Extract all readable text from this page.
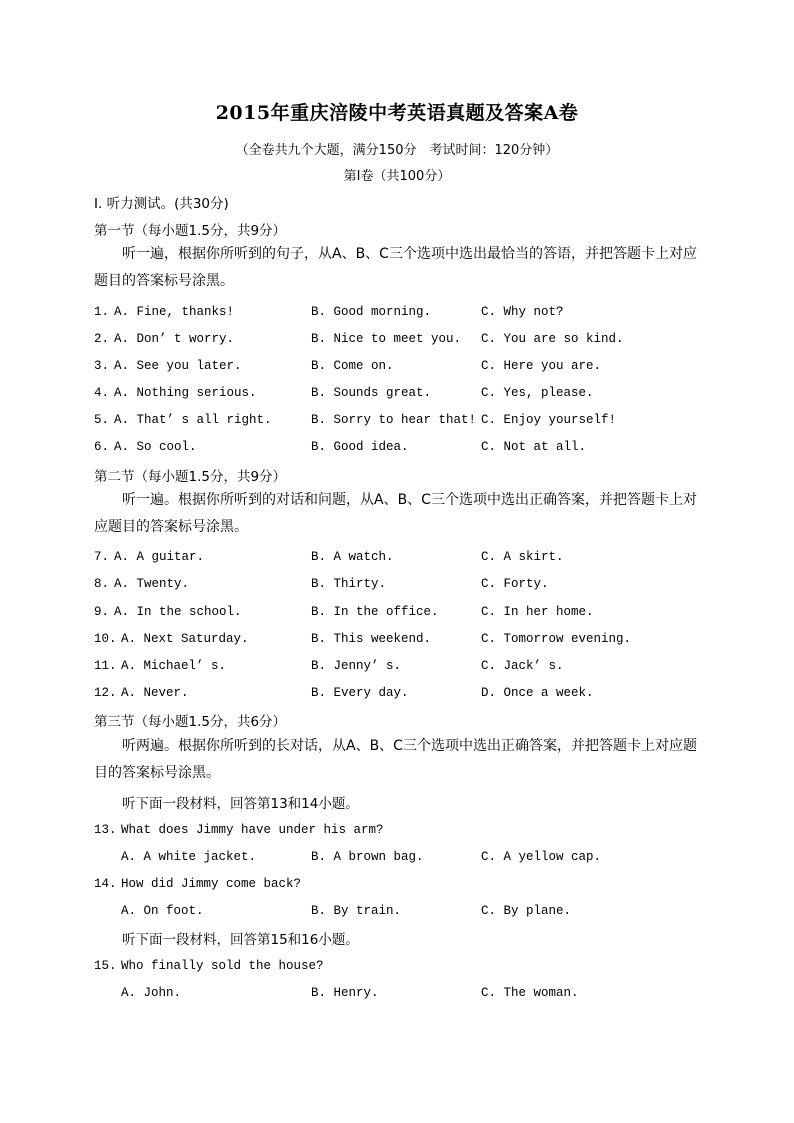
2015年重庆涪陵中考英语真题及答案A卷
（全卷共九个大题，满分150分　考试时间：120分钟）
第I卷（共100分）
I. 听力测试。(共30分)
第一节（每小题1.5分，共9分）
听一遍，根据你所听到的句子，从A、B、C三个选项中选出最恰当的答语，并把答题卡上对应题目的答案标号涂黑。
1. A. Fine, thanks!	B. Good morning.	C. Why not?
2. A. Don’ t worry.	B. Nice to meet you. C. You are so kind.
3. A. See you later.	B. Come on.	C. Here you are.
4. A. Nothing serious.	B. Sounds great.	C. Yes, please.
5. A. That’ s all right.	B. Sorry to hear that! C. Enjoy yourself!
6. A. So cool.	B. Good idea.	C. Not at all.
第二节（每小题1.5分，共9分）
听一遍。根据你所听到的对话和问题，从A、B、C三个选项中选出正确答案，并把答题卡上对应题目的答案标号涂黑。
7. A. A guitar.	B. A watch.	C. A skirt.
8. A. Twenty.	B. Thirty.	C. Forty.
9. A. In the school.	B. In the office.	C. In her home.
10. A. Next Saturday.	B. This weekend.	C. Tomorrow evening.
11. A. Michael’ s.	B. Jenny’ s.	C. Jack’ s.
12. A. Never.	B. Every day.	D. Once a week.
第三节（每小题1.5分，共6分）
听两遍。根据你所听到的长对话，从A、B、C三个选项中选出正确答案，并把答题卡上对应题目的答案标号涂黑。
听下面一段材料，回答第13和14小题。
13. What does Jimmy have under his arm?
A. A white jacket.	B. A brown bag.	C. A yellow cap.
14. How did Jimmy come back?
A. On foot.	B. By train.	C. By plane.
听下面一段材料，回答第15和16小题。
15. Who finally sold the house?
A. John.	B. Henry.	C. The woman.
